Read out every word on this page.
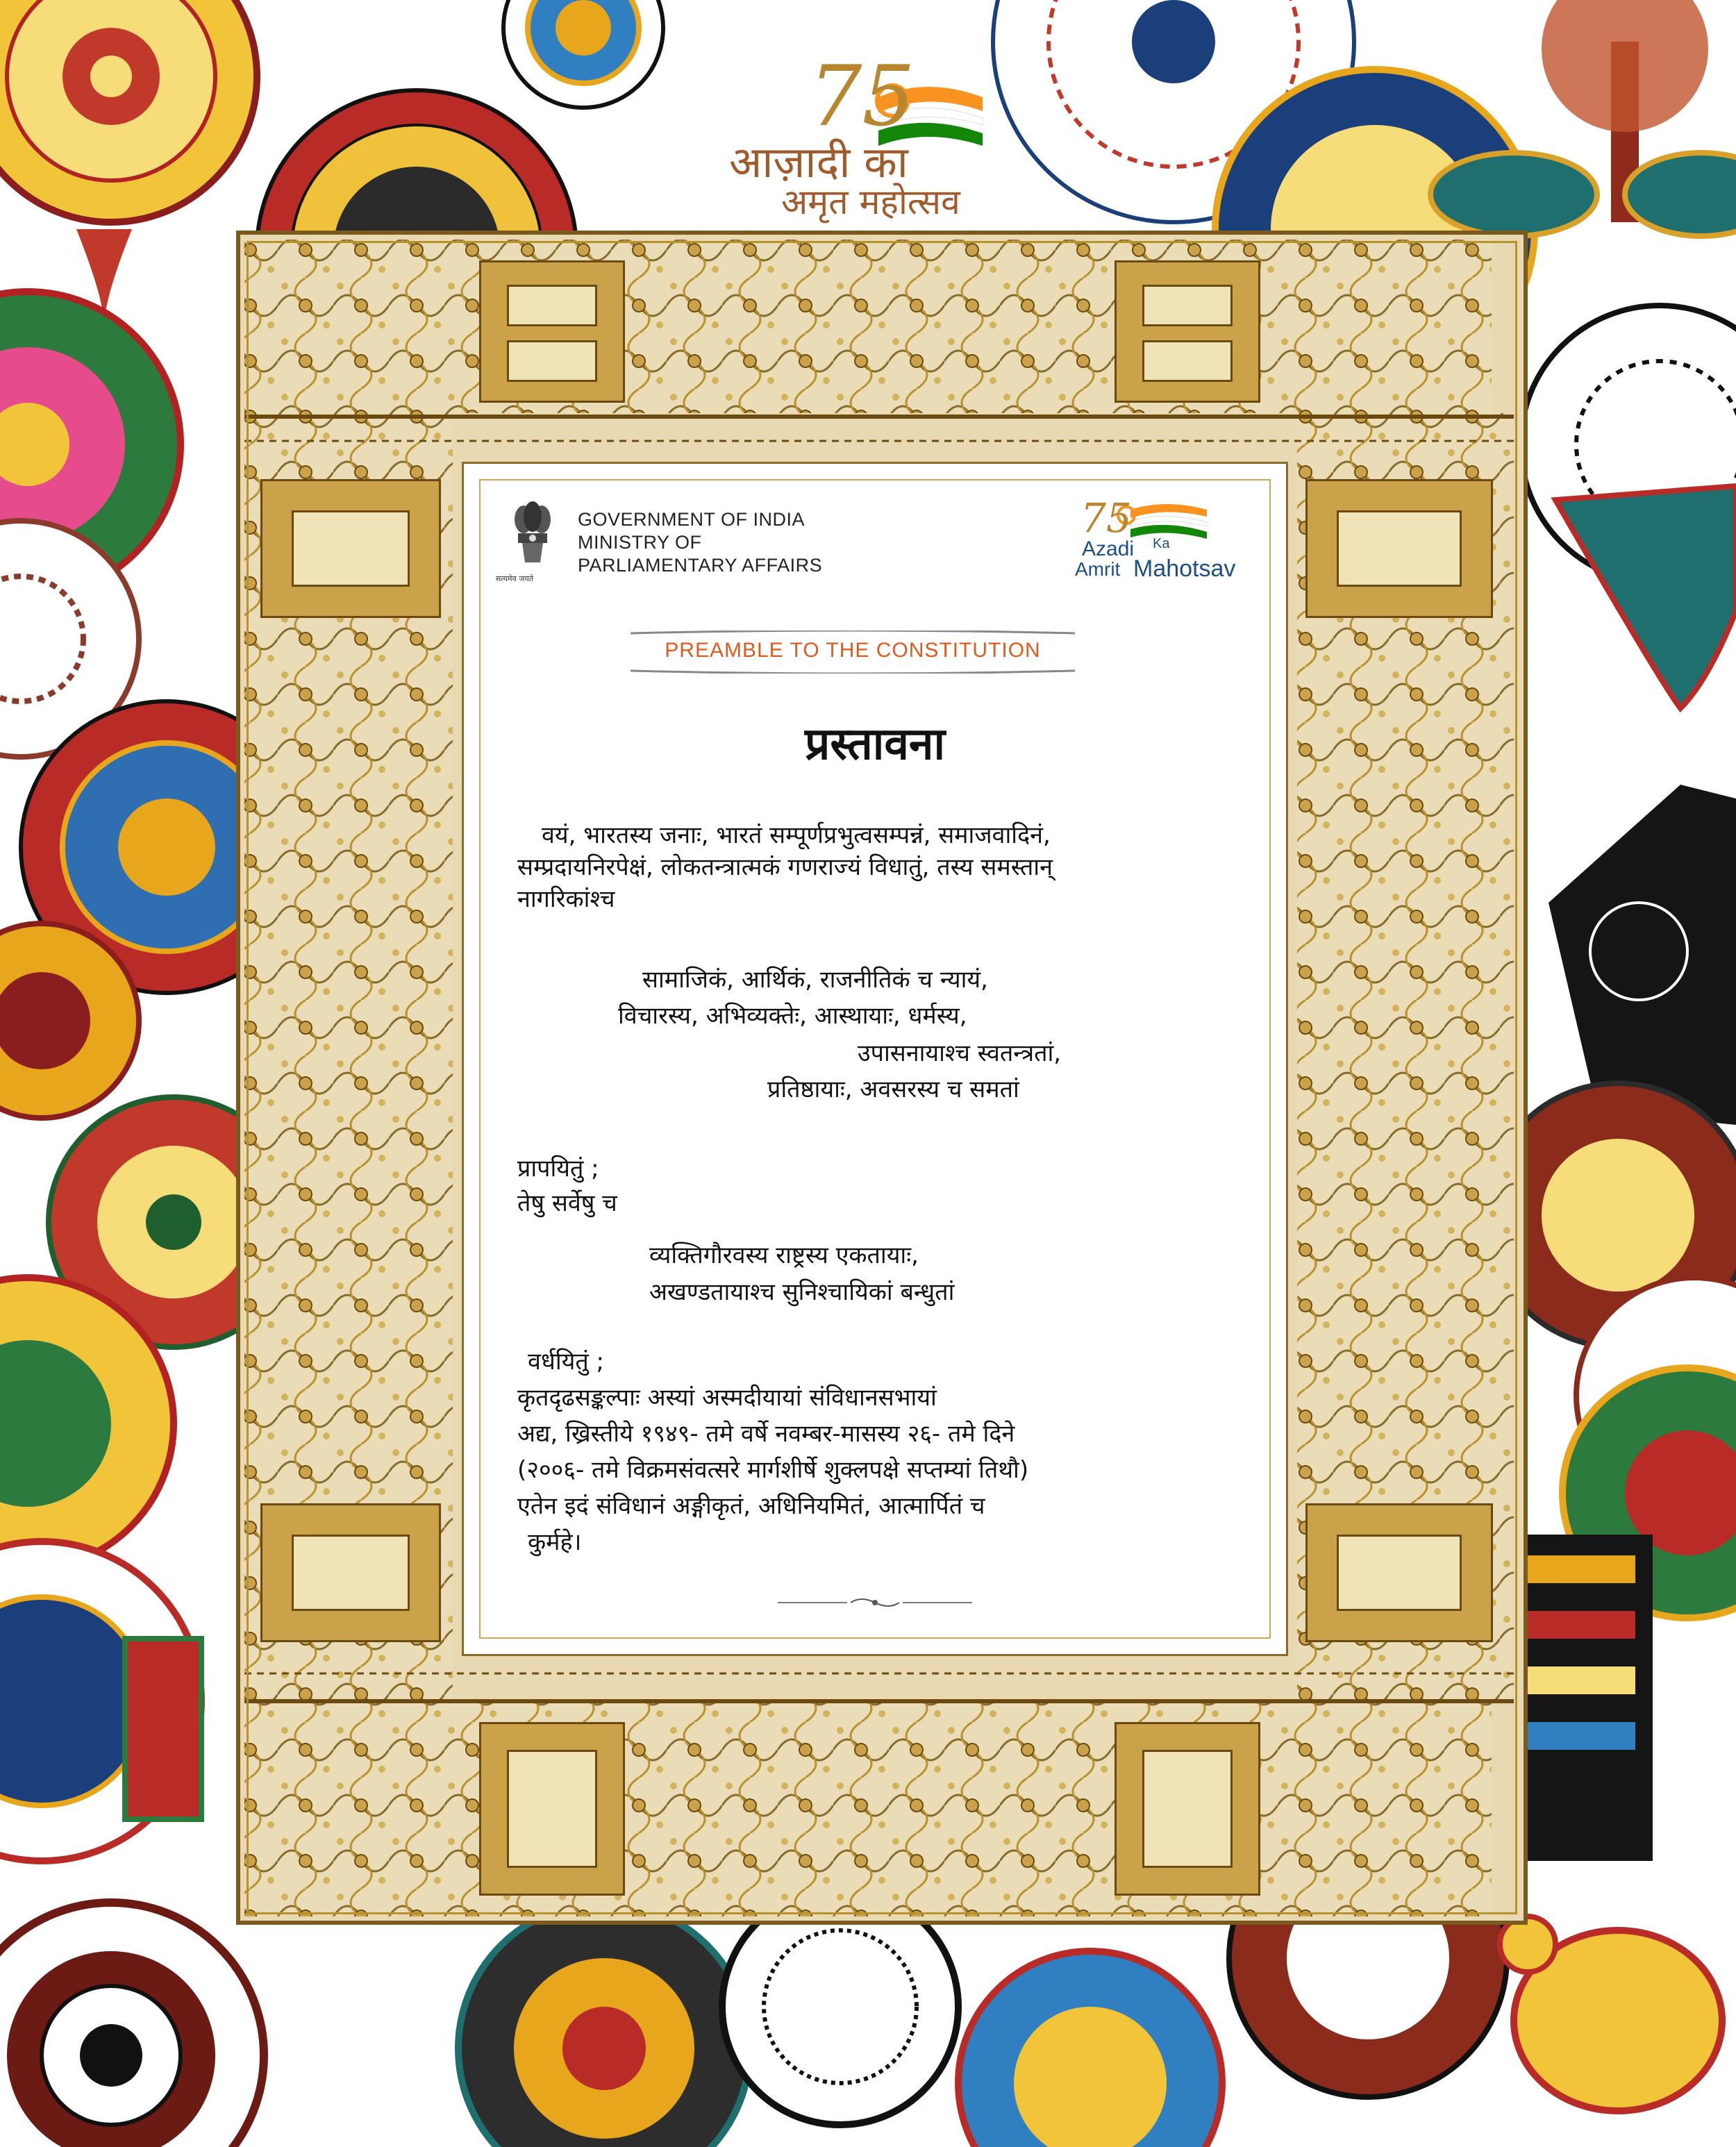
75
आज़ादी का
अमृत महोत्सव
सत्यमेव जयते
GOVERNMENT OF INDIA
MINISTRY OF
PARLIAMENTARY AFFAIRS
75
Azadi Ka
Amrit Mahotsav
PREAMBLE TO THE CONSTITUTION
प्रस्तावना
वयं, भारतस्य जनाः, भारतं सम्पूर्णप्रभुत्वसम्पन्नं, समाजवादिनं,
सम्प्रदायनिरपेक्षं, लोकतन्त्रात्मकं गणराज्यं विधातुं, तस्य समस्तान्
नागरिकांश्च
सामाजिकं, आर्थिकं, राजनीतिकं च न्यायं,
विचारस्य, अभिव्यक्तेः, आस्थायाः, धर्मस्य,
उपासनायाश्च स्वतन्त्रतां,
प्रतिष्ठायाः, अवसरस्य च समतां
प्रापयितुं ;
तेषु सर्वेषु च
व्यक्तिगौरवस्य राष्ट्रस्य एकतायाः,
अखण्डतायाश्च सुनिश्चायिकां बन्धुतां
वर्धयितुं ;
कृतदृढसङ्कल्पाः अस्यां अस्मदीयायां संविधानसभायां
अद्य, ख्रिस्तीये १९४९- तमे वर्षे नवम्बर-मासस्य २६- तमे दिने
(२००६- तमे विक्रमसंवत्सरे मार्गशीर्षे शुक्लपक्षे सप्तम्यां तिथौ)
एतेन इदं संविधानं अङ्गीकृतं, अधिनियमितं, आत्मार्पितं च
कुर्महे।
